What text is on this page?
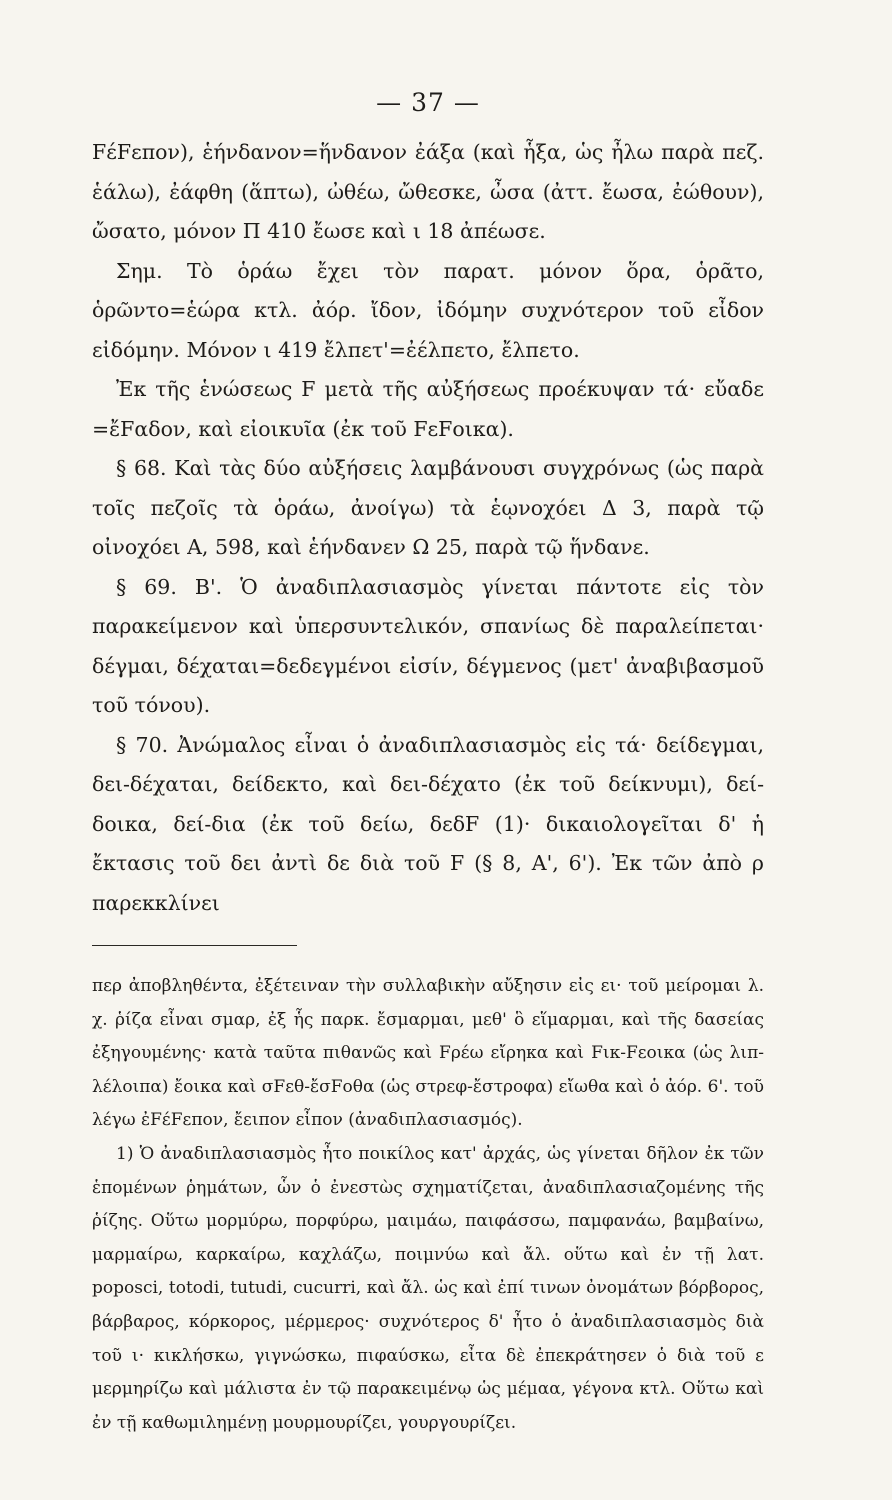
— 37 —

FέFεπον), ἑήνδανον=ἥνδανον ἐάξα (καὶ ἧξα, ὡς ἦλω παρὰ πεζ. ἑάλω), ἐάφθη (ἅπτω), ὠθέω, ὤθεσκε, ὦσα (ἀττ. ἔωσα, ἐώθουν), ὤσατο, μόνον Π 410 ἔωσε καὶ ι 18 ἀπέωσε.

Σημ. Τὸ ὁράω ἔχει τὸν παρατ. μόνον ὅρα, ὁρᾶτο, ὁρῶντο=ἑώρα κτλ. ἀόρ. ἴδον, ἰδόμην συχνότερον τοῦ εἶδον εἰδόμην. Μόνον ι 419 ἔλπετ'=ἐέλπετο, ἔλπετο.

Ἐκ τῆς ἑνώσεως F μετὰ τῆς αὐξήσεως προέκυψαν τά· εὔαδε =ἔFαδον, καὶ εἰοικυῖα (ἐκ τοῦ FεFοικα).

§ 68. Καὶ τὰς δύο αὐξήσεις λαμβάνουσι συγχρόνως (ὡς παρὰ τοῖς πεζοῖς τὰ ὁράω, ἀνοίγω) τὰ ἑῳνοχόει Δ 3, παρὰ τῷ οἰνοχόει Α, 598, καὶ ἑήνδανεν Ω 25, παρὰ τῷ ἥνδανε.

§ 69. Β'. Ὁ ἀναδιπλασιασμὸς γίνεται πάντοτε εἰς τὸν παρακείμενον καὶ ὑπερσυντελικόν, σπανίως δὲ παραλείπεται· δέγμαι, δέχαται=δεδεγμένοι εἰσίν, δέγμενος (μετ' ἀναβιβασμοῦ τοῦ τόνου).

§ 70. Ἀνώμαλος εἶναι ὁ ἀναδιπλασιασμὸς εἰς τά· δείδεγμαι, δει-δέχαται, δείδεκτο, καὶ δει-δέχατο (ἐκ τοῦ δείκνυμι), δεί-δοικα, δεί-δια (ἐκ τοῦ δείω, δεδF (1)· δικαιολογεῖται δ' ἡ ἔκτασις τοῦ δει ἀντὶ δε διὰ τοῦ F (§ 8, Α', 6'). Ἐκ τῶν ἀπὸ ρ παρεκκλίνει

περ ἀποβληθέντα, ἐξέτειναν τὴν συλλαβικὴν αὔξησιν εἰς ει· τοῦ μείρομαι λ. χ. ῥίζα εἶναι σμαρ, ἐξ ἧς παρκ. ἔσμαρμαι, μεθ' ὃ εἵμαρμαι, καὶ τῆς δασείας ἐξηγουμένης· κατὰ ταῦτα πιθανῶς καὶ Fρέω εἴρηκα καὶ Fικ-Fεοικα (ὡς λιπ-λέλοιπα) ἔοικα καὶ σFεθ-ἔσFοθα (ὡς στρεφ-ἔστροφα) εἴωθα καὶ ὁ ἀόρ. 6'. τοῦ λέγω ἐFέFεπον, ἔειπον εἶπον (ἀναδιπλασιασμός).

1) Ὁ ἀναδιπλασιασμὸς ἦτο ποικίλος κατ' ἀρχάς, ὡς γίνεται δῆλον ἐκ τῶν ἑπομένων ῥημάτων, ὧν ὁ ἐνεστὼς σχηματίζεται, ἀναδιπλασιαζομένης τῆς ῥίζης. Οὕτω μορμύρω, πορφύρω, μαιμάω, παιφάσσω, παμφανάω, βαμβαίνω, μαρμαίρω, καρκαίρω, καχλάζω, ποιμνύω καὶ ἄλ. οὕτω καὶ ἐν τῇ λατ. poposci, totodi, tutudi, cucurri, καὶ ἄλ. ὡς καὶ ἐπί τινων ὀνομάτων βόρβορος, βάρβαρος, κόρκορος, μέρμερος· συχνότερος δ' ἦτο ὁ ἀναδιπλασιασμὸς διὰ τοῦ ι· κικλήσκω, γιγνώσκω, πιφαύσκω, εἶτα δὲ ἐπεκράτησεν ὁ διὰ τοῦ ε μερμηρίζω καὶ μάλιστα ἐν τῷ παρακειμένῳ ὡς μέμαα, γέγονα κτλ. Οὕτω καὶ ἐν τῇ καθωμιλημένῃ μουρμουρίζει, γουργουρίζει.
